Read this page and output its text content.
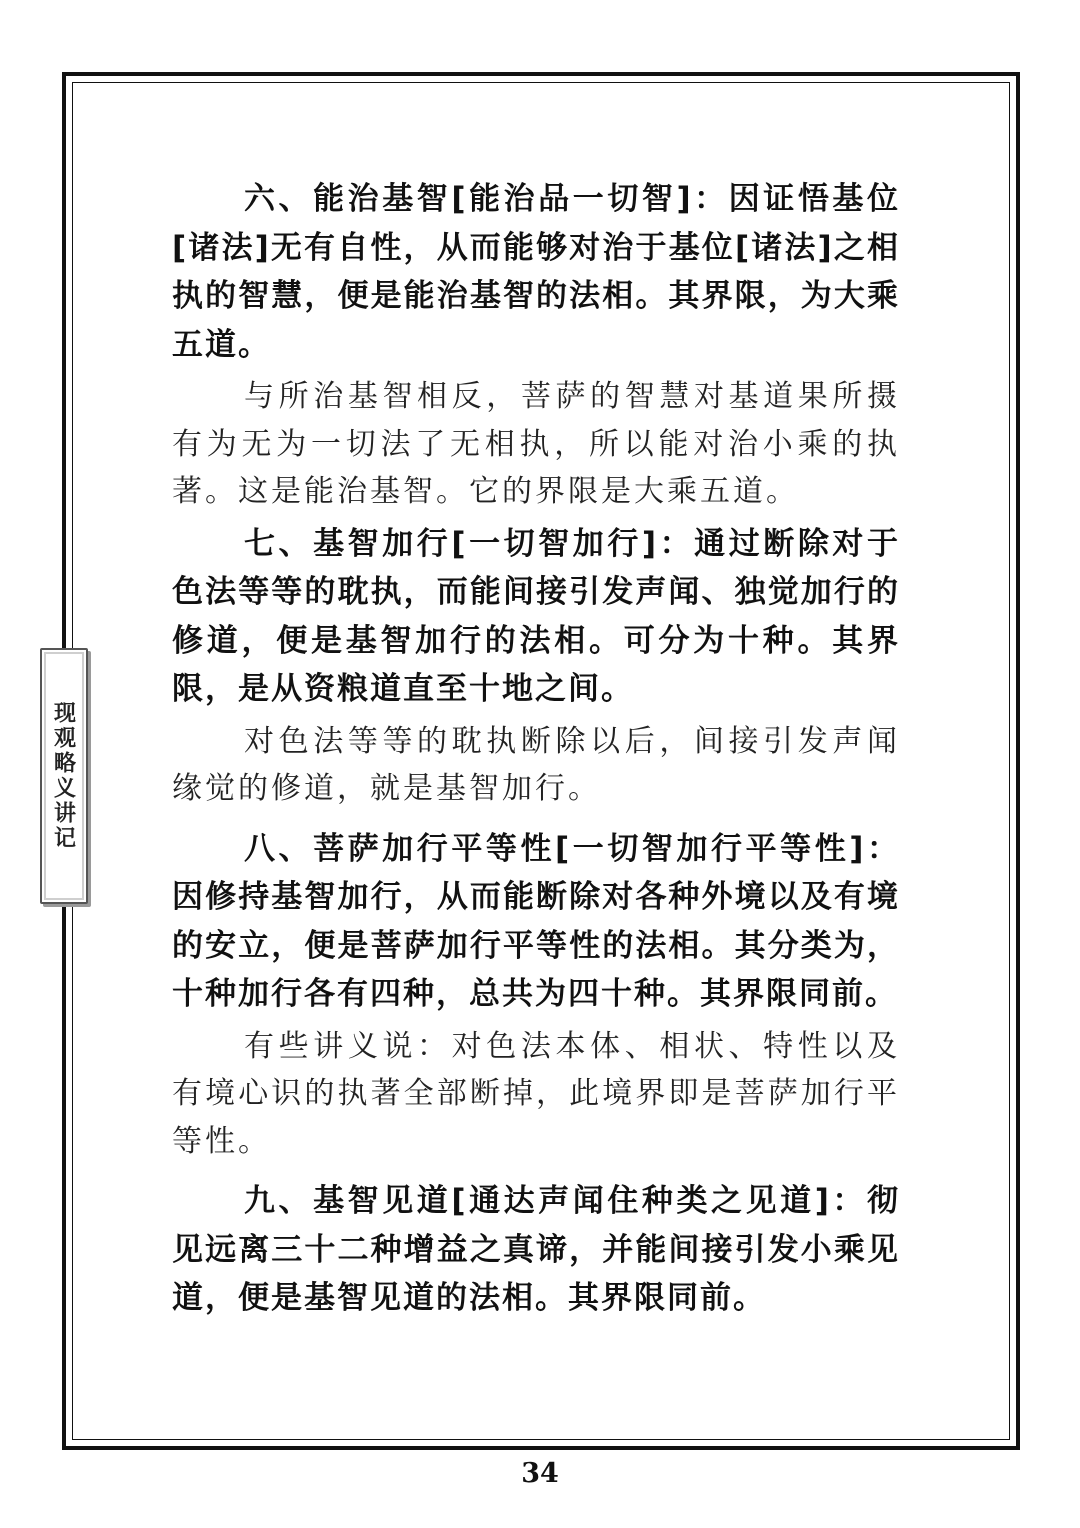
现观略义讲记

六、能治基智[能治品一切智]：因证悟基位[诸法]无有自性，从而能够对治于基位[诸法]之相执的智慧，便是能治基智的法相。其界限，为大乘五道。

与所治基智相反，菩萨的智慧对基道果所摄有为无为一切法了无相执，所以能对治小乘的执著。这是能治基智。它的界限是大乘五道。

七、基智加行[一切智加行]：通过断除对于色法等等的耽执，而能间接引发声闻、独觉加行的修道，便是基智加行的法相。可分为十种。其界限，是从资粮道直至十地之间。

对色法等等的耽执断除以后，间接引发声闻缘觉的修道，就是基智加行。

八、菩萨加行平等性[一切智加行平等性]：因修持基智加行，从而能断除对各种外境以及有境的安立，便是菩萨加行平等性的法相。其分类为，十种加行各有四种，总共为四十种。其界限同前。

有些讲义说：对色法本体、相状、特性以及有境心识的执著全部断掉，此境界即是菩萨加行平等性。

九、基智见道[通达声闻住种类之见道]：彻见远离三十二种增益之真谛，并能间接引发小乘见道，便是基智见道的法相。其界限同前。

34
